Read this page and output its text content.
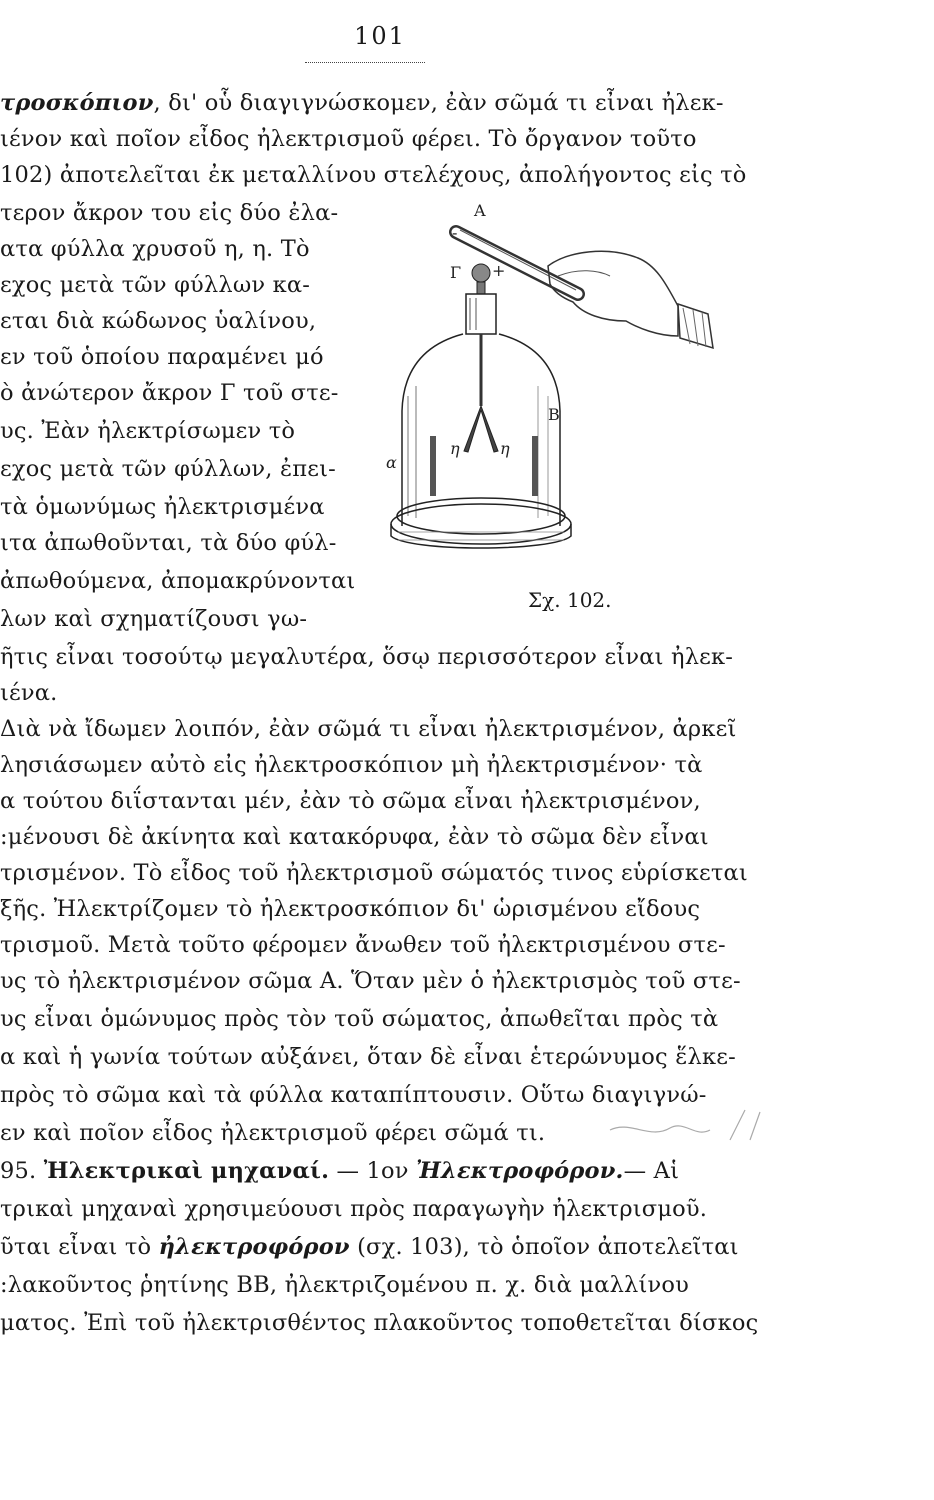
101
τροσκόπιον, δι' οὗ διαγιγνώσκομεν, ἐὰν σῶμά τι εἶναι ἠλεκ-
ιένον καὶ ποῖον εἶδος ἠλεκτρισμοῦ φέρει. Τὸ ὄργανον τοῦτο
102) ἀποτελεῖται ἐκ μεταλλίνου στελέχους, ἀπολήγοντος εἰς τὸ
τερον ἄκρον του εἰς δύο ἐλα-
ατα φύλλα χρυσοῦ η, η. Τὸ
εχος μετὰ τῶν φύλλων κα-
εται διὰ κώδωνος ὑαλίνου,
εν τοῦ ὁποίου παραμένει μό
ὸ ἀνώτερον ἄκρον Γ τοῦ στε-
υς. Ἐὰν ἠλεκτρίσωμεν τὸ
εχος μετὰ τῶν φύλλων, ἐπει-
τὰ ὁμωνύμως ἠλεκτρισμένα
ιτα ἀπωθοῦνται, τὰ δύο φύλ-
ἀπωθούμενα, ἀπομακρύνονται
λων καὶ σχηματίζουσι γω-
Α
-
Γ +
Β
α
η	η
Σχ. 102.
ῆτις εἶναι τοσούτῳ μεγαλυτέρα, ὅσῳ περισσότερον εἶναι ἠλεκ-
ιένα.
Διὰ νὰ ἴδωμεν λοιπόν, ἐὰν σῶμά τι εἶναι ἠλεκτρισμένον, ἀρκεῖ
λησιάσωμεν αὐτὸ εἰς ἠλεκτροσκόπιον μὴ ἠλεκτρισμένον· τὰ
α τούτου διΐστανται μέν, ἐὰν τὸ σῶμα εἶναι ἠλεκτρισμένον,
:μένουσι δὲ ἀκίνητα καὶ κατακόρυφα, ἐὰν τὸ σῶμα δὲν εἶναι
τρισμένον. Τὸ εἶδος τοῦ ἠλεκτρισμοῦ σώματός τινος εὑρίσκεται
ξῆς. Ἠλεκτρίζομεν τὸ ἠλεκτροσκόπιον δι' ὡρισμένου εἴδους
τρισμοῦ. Μετὰ τοῦτο φέρομεν ἄνωθεν τοῦ ἠλεκτρισμένου στε-
υς τὸ ἠλεκτρισμένον σῶμα Α. Ὅταν μὲν ὁ ἠλεκτρισμὸς τοῦ στε-
υς εἶναι ὁμώνυμος πρὸς τὸν τοῦ σώματος, ἀπωθεῖται πρὸς τὰ
α καὶ ἡ γωνία τούτων αὐξάνει, ὅταν δὲ εἶναι ἑτερώνυμος ἕλκε-
πρὸς τὸ σῶμα καὶ τὰ φύλλα καταπίπτουσιν. Οὕτω διαγιγνώ-
εν καὶ ποῖον εἶδος ἠλεκτρισμοῦ φέρει σῶμά τι.
95. Ἠλεκτρικαὶ μηχαναί. — 1ον Ἠλεκτροφόρον.— Αἱ
τρικαὶ μηχαναὶ χρησιμεύουσι πρὸς παραγωγὴν ἠλεκτρισμοῦ.
ῦται εἶναι τὸ ἠλεκτροφόρον (σχ. 103), τὸ ὁποῖον ἀποτελεῖται
:λακοῦντος ῥητίνης ΒΒ, ἠλεκτριζομένου π. χ. διὰ μαλλίνου
ματος. Ἐπὶ τοῦ ἠλεκτρισθέντος πλακοῦντος τοποθετεῖται δίσκος
